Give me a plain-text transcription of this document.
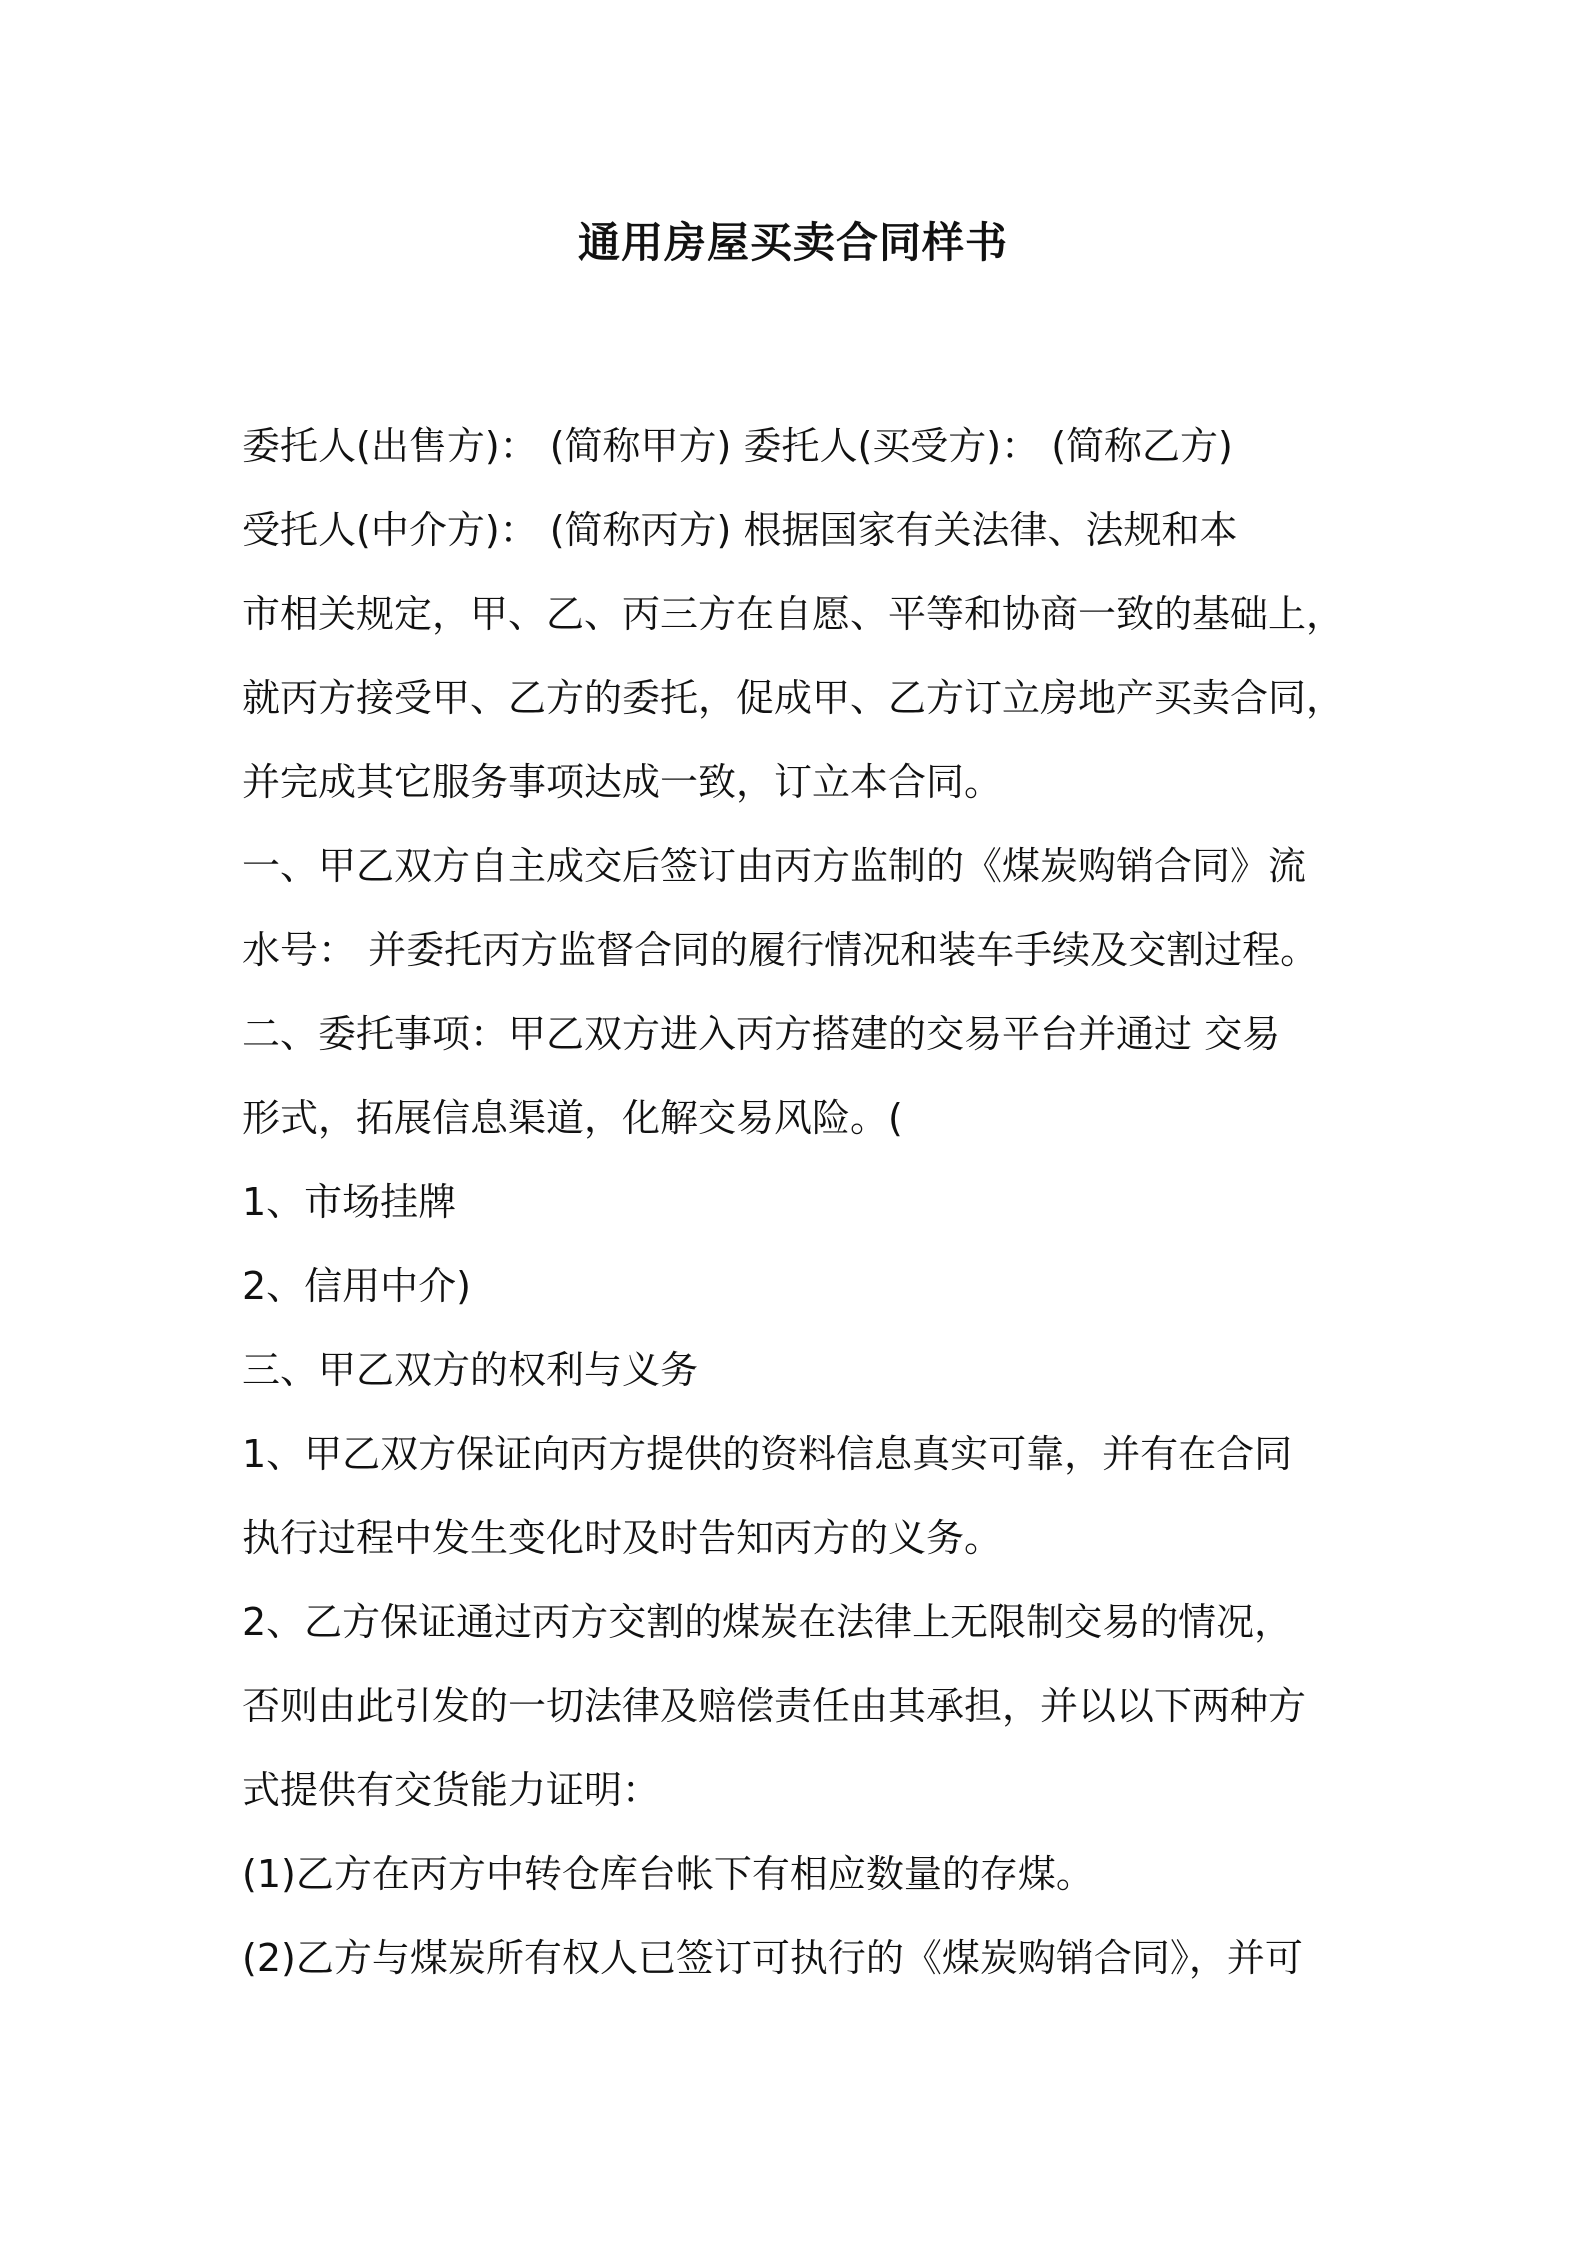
通用房屋买卖合同样书
委托人(出售方)： (简称甲方) 委托人(买受方)： (简称乙方)
受托人(中介方)： (简称丙方) 根据国家有关法律、法规和本
市相关规定，甲、乙、丙三方在自愿、平等和协商一致的基础上，
就丙方接受甲、乙方的委托，促成甲、乙方订立房地产买卖合同，
并完成其它服务事项达成一致，订立本合同。
一、甲乙双方自主成交后签订由丙方监制的《煤炭购销合同》流
水号： 并委托丙方监督合同的履行情况和装车手续及交割过程。
二、委托事项：甲乙双方进入丙方搭建的交易平台并通过 交易
形式，拓展信息渠道，化解交易风险。(
1、市场挂牌
2、信用中介)
三、甲乙双方的权利与义务
1、甲乙双方保证向丙方提供的资料信息真实可靠，并有在合同
执行过程中发生变化时及时告知丙方的义务。
2、乙方保证通过丙方交割的煤炭在法律上无限制交易的情况，
否则由此引发的一切法律及赔偿责任由其承担，并以以下两种方
式提供有交货能力证明：
(1)乙方在丙方中转仓库台帐下有相应数量的存煤。
(2)乙方与煤炭所有权人已签订可执行的《煤炭购销合同》，并可
